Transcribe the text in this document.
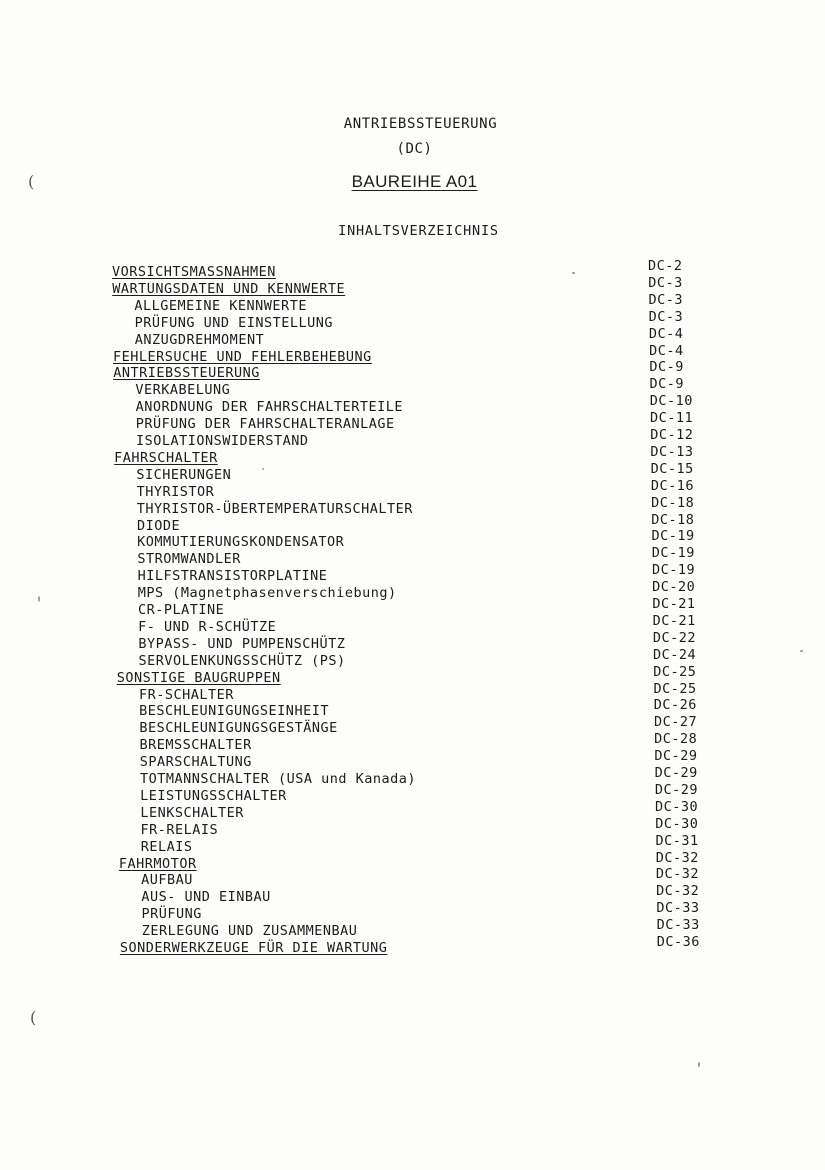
ANTRIEBSSTEUERUNG
(DC)
BAUREIHE A01
INHALTSVERZEICHNIS
VORSICHTSMASSNAHMEN	DC-2
WARTUNGSDATEN UND KENNWERTE	DC-3
ALLGEMEINE KENNWERTE	DC-3
PRÜFUNG UND EINSTELLUNG	DC-3
ANZUGDREHMOMENT	DC-4
FEHLERSUCHE UND FEHLERBEHEBUNG	DC-4
ANTRIEBSSTEUERUNG	DC-9
VERKABELUNG	DC-9
ANORDNUNG DER FAHRSCHALTERTEILE	DC-10
PRÜFUNG DER FAHRSCHALTERANLAGE	DC-11
ISOLATIONSWIDERSTAND	DC-12
FAHRSCHALTER	DC-13
SICHERUNGEN	DC-15
THYRISTOR	DC-16
THYRISTOR-ÜBERTEMPERATURSCHALTER	DC-18
DIODE	DC-18
KOMMUTIERUNGSKONDENSATOR	DC-19
STROMWANDLER	DC-19
HILFSTRANSISTORPLATINE	DC-19
MPS (Magnetphasenverschiebung)	DC-20
CR-PLATINE	DC-21
F- UND R-SCHÜTZE	DC-21
BYPASS- UND PUMPENSCHÜTZ	DC-22
SERVOLENKUNGSSCHÜTZ (PS)	DC-24
SONSTIGE BAUGRUPPEN	DC-25
FR-SCHALTER	DC-25
BESCHLEUNIGUNGSEINHEIT	DC-26
BESCHLEUNIGUNGSGESTÄNGE	DC-27
BREMSSCHALTER	DC-28
SPARSCHALTUNG	DC-29
TOTMANNSCHALTER (USA und Kanada)	DC-29
LEISTUNGSSCHALTER	DC-29
LENKSCHALTER	DC-30
FR-RELAIS	DC-30
RELAIS	DC-31
FAHRMOTOR	DC-32
AUFBAU	DC-32
AUS- UND EINBAU	DC-32
PRÜFUNG	DC-33
ZERLEGUNG UND ZUSAMMENBAU	DC-33
SONDERWERKZEUGE FÜR DIE WARTUNG	DC-36
(
(
